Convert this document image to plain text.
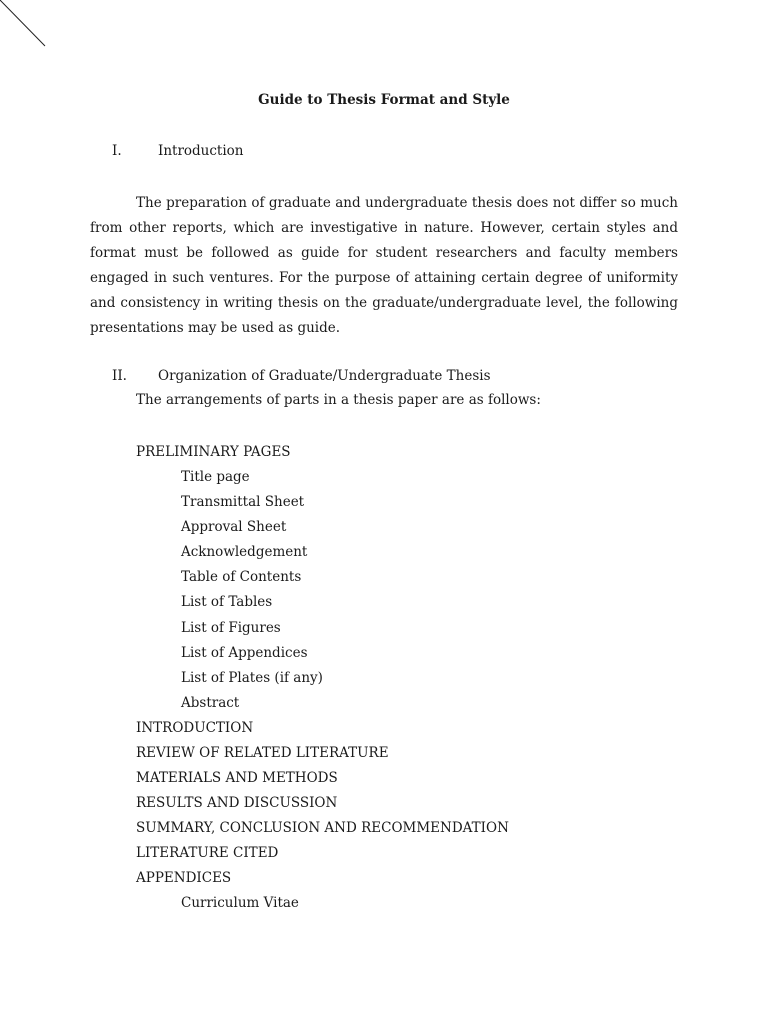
Guide to Thesis Format and Style
I.	Introduction

The preparation of graduate and undergraduate thesis does not differ so much from other reports, which are investigative in nature. However, certain styles and format must be followed as guide for student researchers and faculty members engaged in such ventures. For the purpose of attaining certain degree of uniformity and consistency in writing thesis on the graduate/undergraduate level, the following presentations may be used as guide.

II. Organization of Graduate/Undergraduate Thesis
The arrangements of parts in a thesis paper are as follows:
PRELIMINARY PAGES
Title page
Transmittal Sheet
Approval Sheet
Acknowledgement
Table of Contents
List of Tables
List of Figures
List of Appendices
List of Plates (if any)
Abstract
INTRODUCTION
REVIEW OF RELATED LITERATURE
MATERIALS AND METHODS
RESULTS AND DISCUSSION
SUMMARY, CONCLUSION AND RECOMMENDATION
LITERATURE CITED
APPENDICES
Curriculum Vitae
